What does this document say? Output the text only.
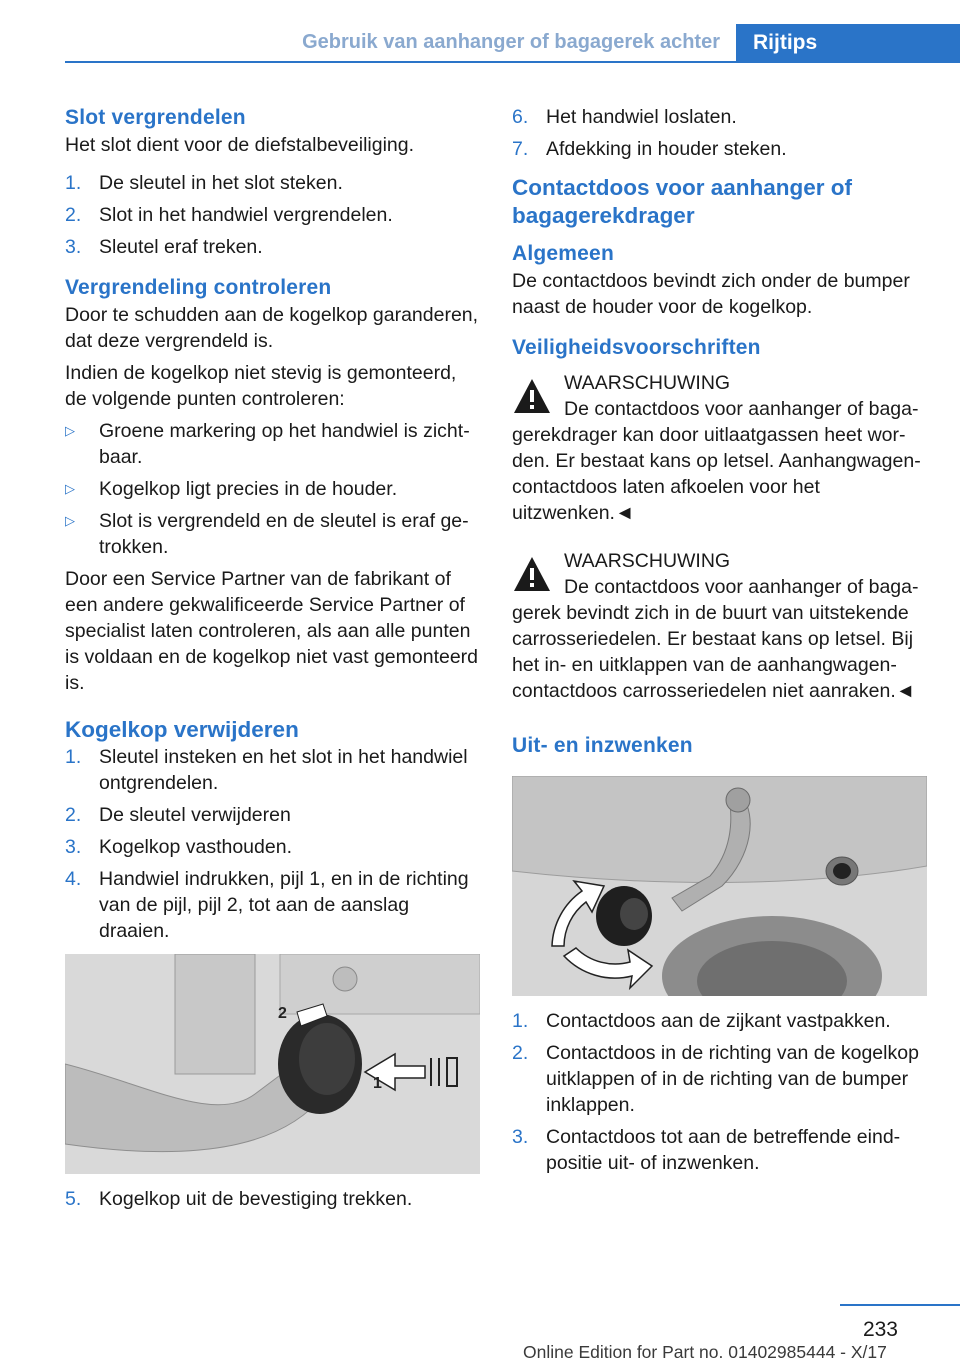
Gebruik van aanhanger of bagagerek achter Rijtips
Slot vergrendelen

Het slot dient voor de diefstalbeveiliging.

1. De sleutel in het slot steken.
2. Slot in het handwiel vergrendelen.
3. Sleutel eraf treken.
Vergrendeling controleren

Door te schudden aan de kogelkop garanderen, dat deze vergrendeld is.

Indien de kogelkop niet stevig is gemonteerd, de volgende punten controleren:

▷	Groene markering op het handwiel is zichtbaar.
▷	Kogelkop ligt precies in de houder.
▷	Slot is vergrendeld en de sleutel is eraf getrokken.

Door een Service Partner van de fabrikant of een andere gekwalificeerde Service Partner of specialist laten controleren, als aan alle punten is voldaan en de kogelkop niet vast gemonteerd is.

Kogelkop verwijderen
1. Sleutel insteken en het slot in het handwiel ontgrendelen.
2. De sleutel verwijderen
3. Kogelkop vasthouden.
4. Handwiel indrukken, pijl 1, en in de richting van de pijl, pijl 2, tot aan de aanslag draaien.
2
1
5. Kogelkop uit de bevestiging trekken.
6. Het handwiel loslaten.
7. Afdekking in houder steken.
Contactdoos voor aanhanger of bagagerekdrager
Algemeen

De contactdoos bevindt zich onder de bumper naast de houder voor de kogelkop.

Veiligheidsvoorschriften
WAARSCHUWING
De contactdoos voor aanhanger of bagagerekdrager kan door uitlaatgassen heet worden. Er bestaat kans op letsel. Aanhangwagencontactdoos laten afkoelen voor het uitzwenken.◄
WAARSCHUWING
De contactdoos voor aanhanger of bagagerek bevindt zich in de buurt van uitstekende carrosseriedelen. Er bestaat kans op letsel. Bij het in- en uitklappen van de aanhangwagencontactdoos carrosseriedelen niet aanraken.◄
Uit- en inzwenken
1. Contactdoos aan de zijkant vastpakken.
2. Contactdoos in de richting van de kogelkop uitklappen of in de richting van de bumper inklappen.
3. Contactdoos tot aan de betreffende eindpositie uit- of inzwenken.
233
Online Edition for Part no. 01402985444 - X/17
